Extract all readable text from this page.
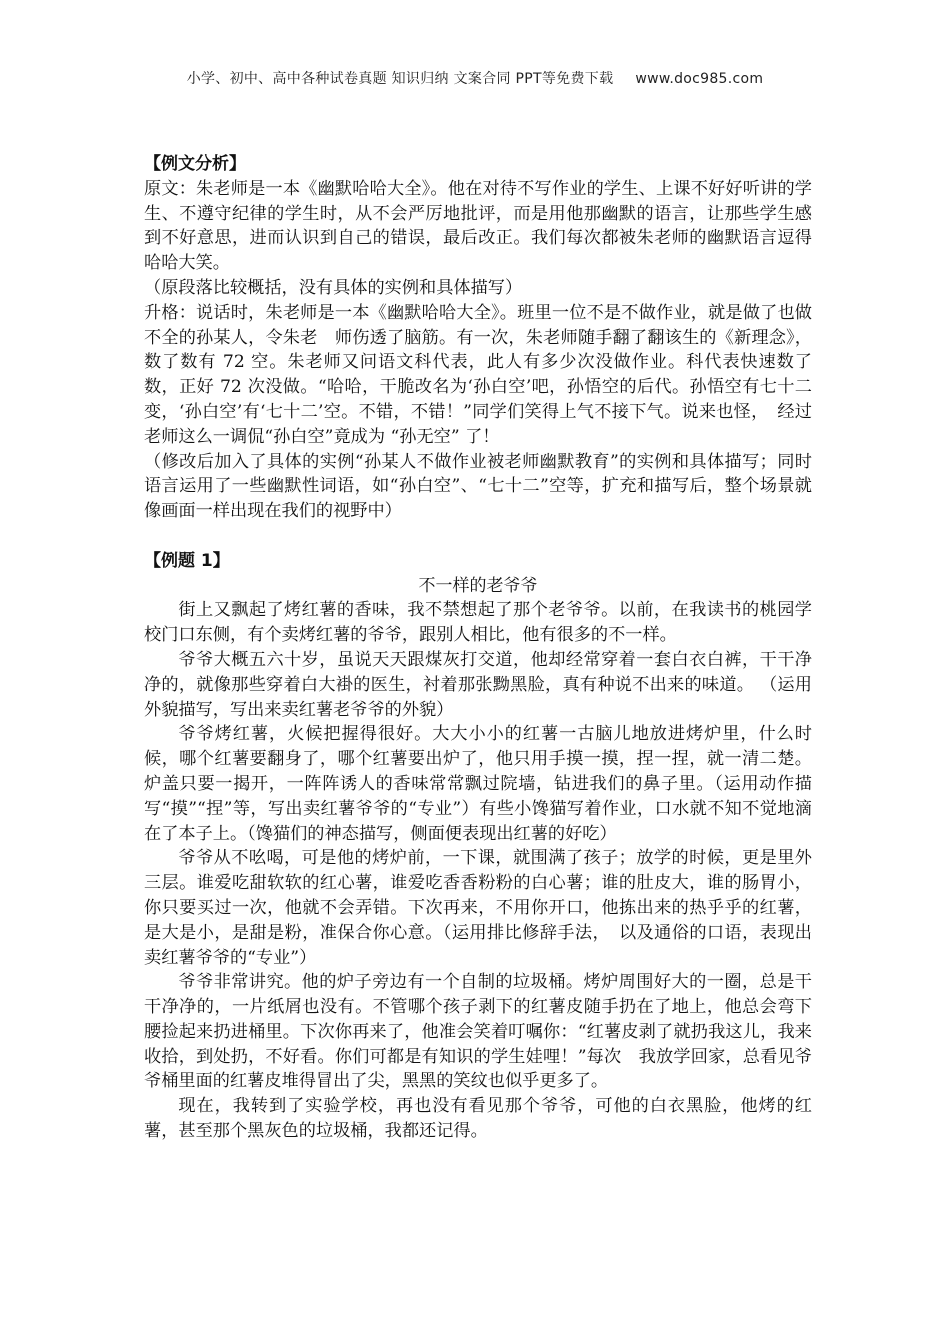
小学、初中、高中各种试卷真题 知识归纳 文案合同 PPT等免费下载 www.doc985.com

【例文分析】

原文：朱老师是一本《幽默哈哈大全》。他在对待不写作业的学生、上课不好好听讲的学生、不遵守纪律的学生时，从不会严厉地批评，而是用他那幽默的语言，让那些学生感到不好意思，进而认识到自己的错误，最后改正。我们每次都被朱老师的幽默语言逗得哈哈大笑。

（原段落比较概括，没有具体的实例和具体描写）

升格：说话时，朱老师是一本《幽默哈哈大全》。班里一位不是不做作业，就是做了也做不全的孙某人，令朱老　师伤透了脑筋。有一次，朱老师随手翻了翻该生的《新理念》，数了数有 72 空。朱老师又问语文科代表，此人有多少次没做作业。科代表快速数了数，正好 72 次没做。“哈哈，干脆改名为‘孙白空’吧，孙悟空的后代。孙悟空有七十二变，‘孙白空’有‘七十二’空。不错，不错！”同学们笑得上气不接下气。说来也怪，　经过老师这么一调侃“孙白空”竟成为 “孙无空” 了！

（修改后加入了具体的实例“孙某人不做作业被老师幽默教育”的实例和具体描写；同时语言运用了一些幽默性词语，如“孙白空”、“七十二”空等，扩充和描写后，整个场景就像画面一样出现在我们的视野中）

【例题 1】

不一样的老爷爷

街上又飘起了烤红薯的香味，我不禁想起了那个老爷爷。以前，在我读书的桃园学校门口东侧，有个卖烤红薯的爷爷，跟别人相比，他有很多的不一样。

爷爷大概五六十岁，虽说天天跟煤灰打交道，他却经常穿着一套白衣白裤，干干净净的，就像那些穿着白大褂的医生，衬着那张黝黑脸，真有种说不出来的味道。 （运用外貌描写，写出来卖红薯老爷爷的外貌）

爷爷烤红薯，火候把握得很好。大大小小的红薯一古脑儿地放进烤炉里，什么时候，哪个红薯要翻身了，哪个红薯要出炉了，他只用手摸一摸，捏一捏，就一清二楚。炉盖只要一揭开，一阵阵诱人的香味常常飘过院墙，钻进我们的鼻子里。（运用动作描写“摸”“捏”等，写出卖红薯爷爷的“专业”）有些小馋猫写着作业，口水就不知不觉地滴在了本子上。（馋猫们的神态描写，侧面便表现出红薯的好吃）

爷爷从不吆喝，可是他的烤炉前，一下课，就围满了孩子；放学的时候，更是里外三层。谁爱吃甜软软的红心薯，谁爱吃香香粉粉的白心薯；谁的肚皮大，谁的肠胃小，你只要买过一次，他就不会弄错。下次再来，不用你开口，他拣出来的热乎乎的红薯，是大是小，是甜是粉，准保合你心意。（运用排比修辞手法，　以及通俗的口语，表现出卖红薯爷爷的“专业”）

爷爷非常讲究。他的炉子旁边有一个自制的垃圾桶。烤炉周围好大的一圈，总是干干净净的，一片纸屑也没有。不管哪个孩子剥下的红薯皮随手扔在了地上，他总会弯下腰捡起来扔进桶里。下次你再来了，他准会笑着叮嘱你：“红薯皮剥了就扔我这儿，我来收拾，到处扔，不好看。你们可都是有知识的学生娃哩！”每次　我放学回家，总看见爷爷桶里面的红薯皮堆得冒出了尖，黑黑的笑纹也似乎更多了。

现在，我转到了实验学校，再也没有看见那个爷爷，可他的白衣黑脸，他烤的红薯，甚至那个黑灰色的垃圾桶，我都还记得。
